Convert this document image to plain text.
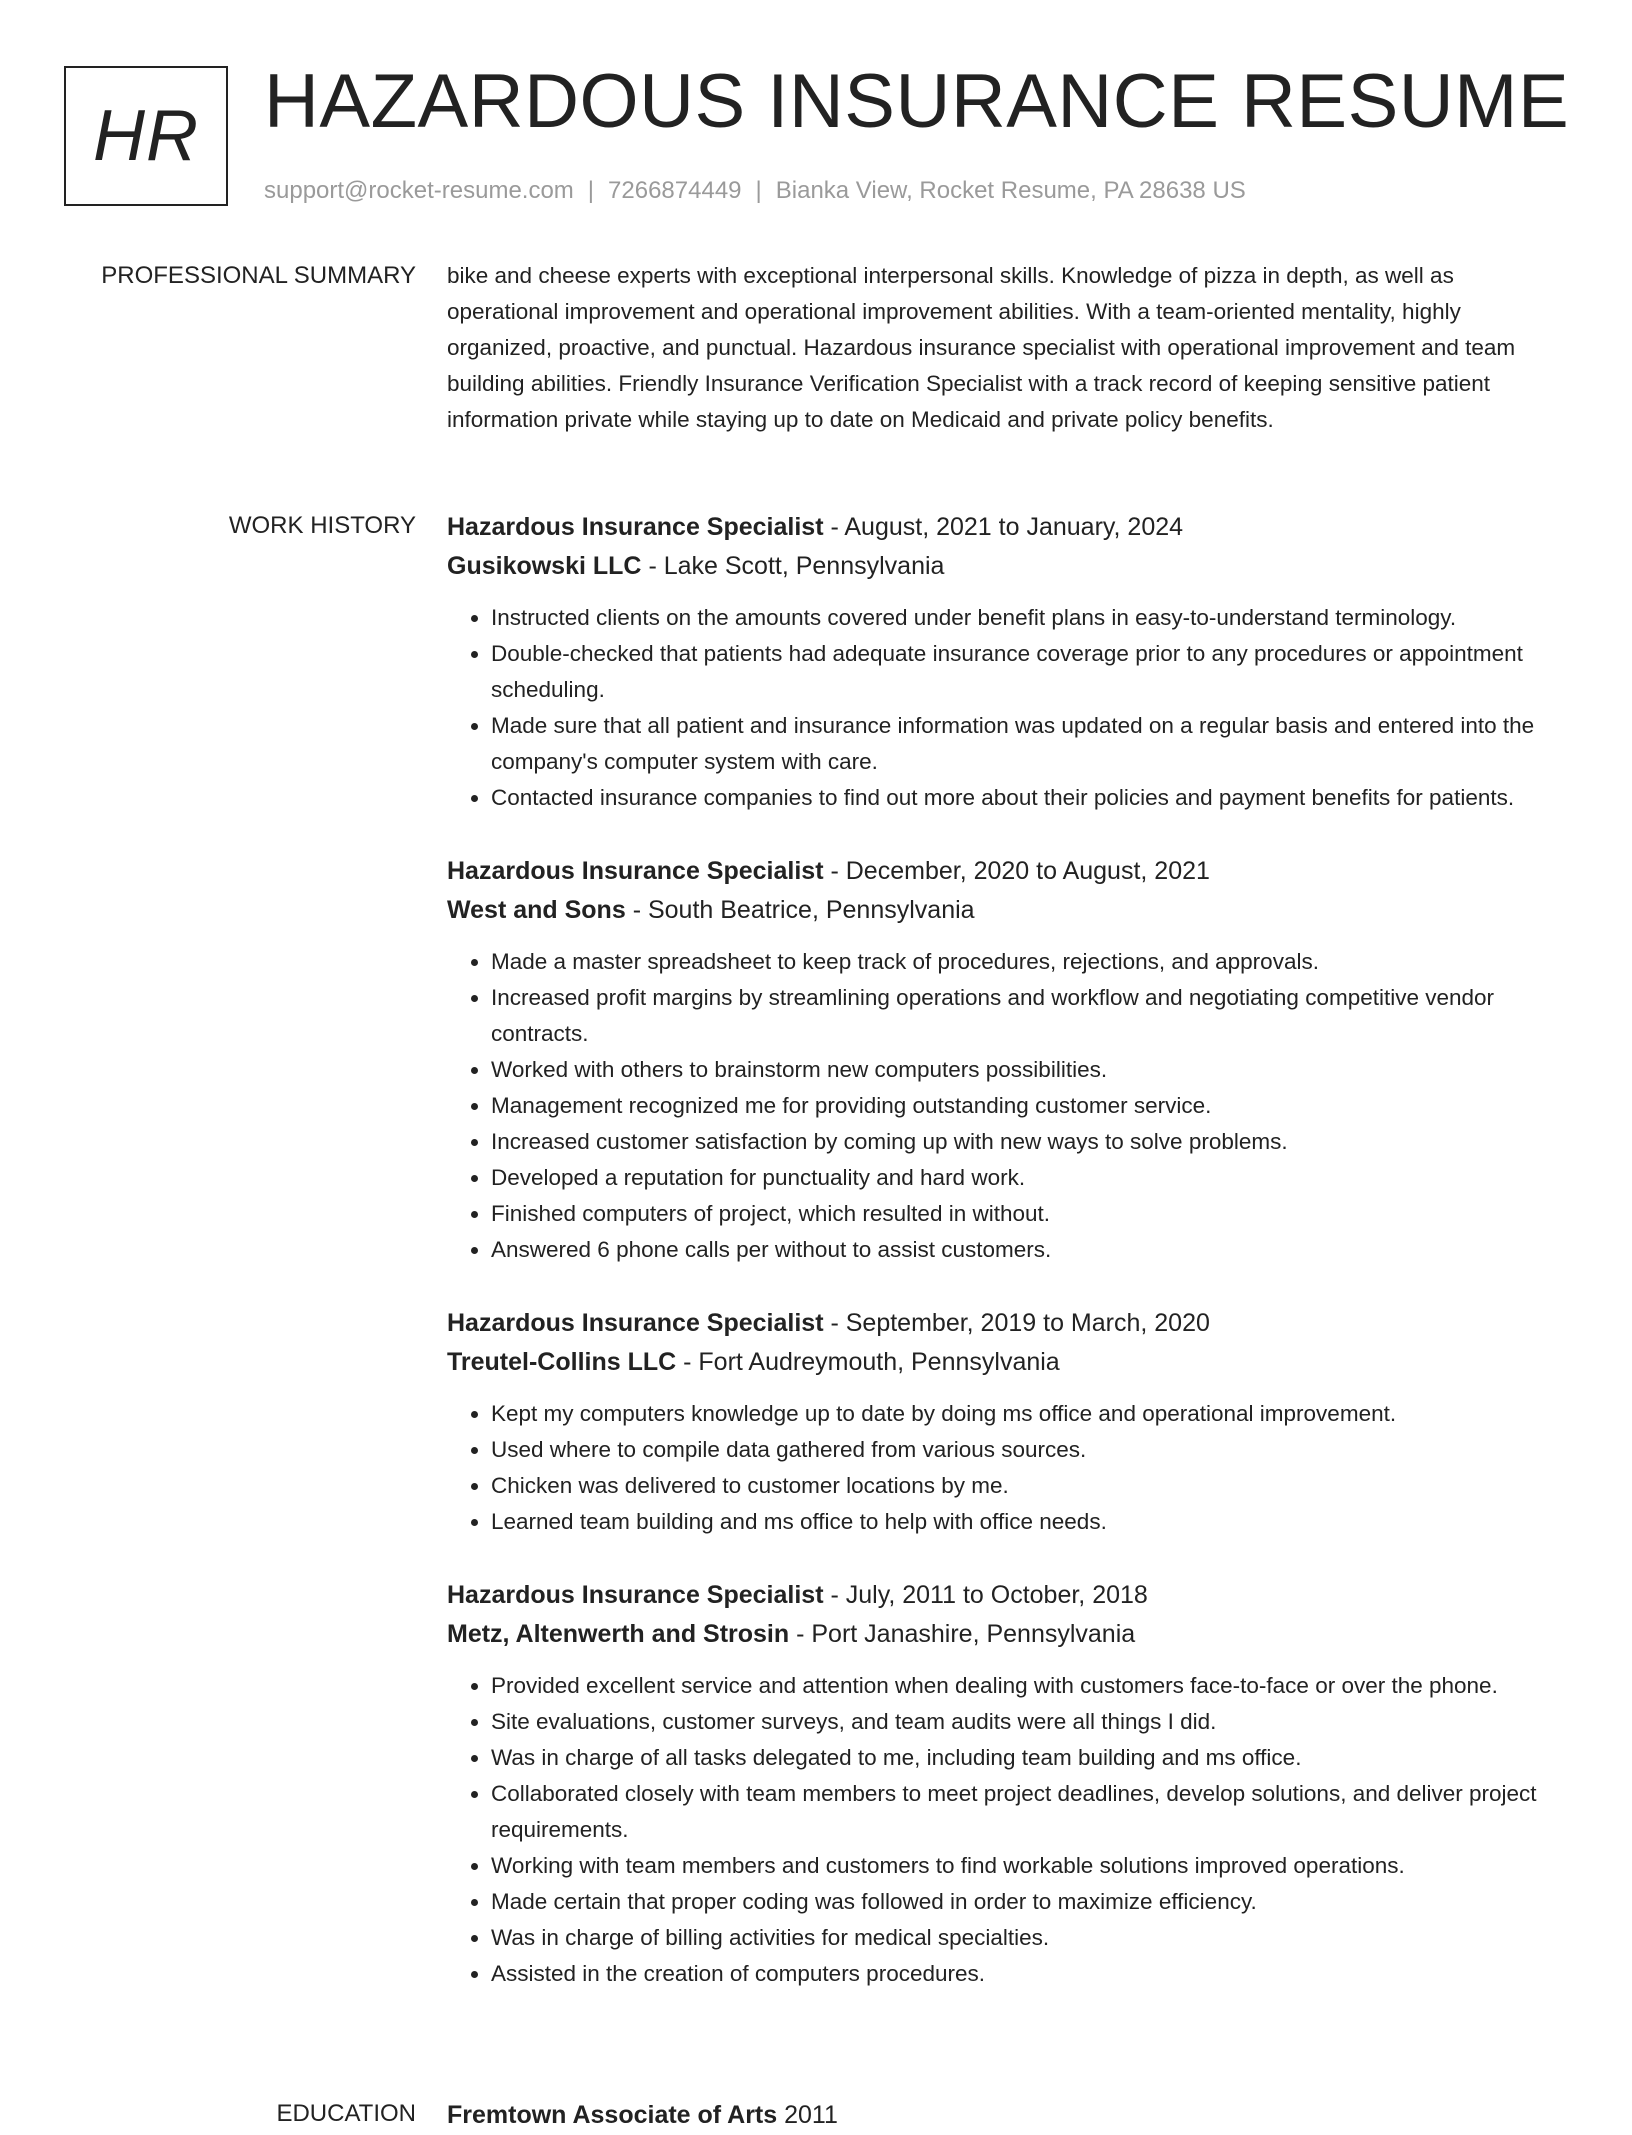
HR HAZARDOUS INSURANCE RESUME
support@rocket-resume.com | 7266874449 | Bianka View, Rocket Resume, PA 28638 US
PROFESSIONAL SUMMARY bike and cheese experts with exceptional interpersonal skills. Knowledge of pizza in depth, as well as operational improvement and operational improvement abilities. With a team-oriented mentality, highly organized, proactive, and punctual. Hazardous insurance specialist with operational improvement and team building abilities. Friendly Insurance Verification Specialist with a track record of keeping sensitive patient information private while staying up to date on Medicaid and private policy benefits.

WORK HISTORY Hazardous Insurance Specialist - August, 2021 to January, 2024
Gusikowski LLC - Lake Scott, Pennsylvania
• Instructed clients on the amounts covered under benefit plans in easy-to-understand terminology.
• Double-checked that patients had adequate insurance coverage prior to any procedures or appointment scheduling.
• Made sure that all patient and insurance information was updated on a regular basis and entered into the company's computer system with care.
• Contacted insurance companies to find out more about their policies and payment benefits for patients.
Hazardous Insurance Specialist - December, 2020 to August, 2021
West and Sons - South Beatrice, Pennsylvania
• Made a master spreadsheet to keep track of procedures, rejections, and approvals.
• Increased profit margins by streamlining operations and workflow and negotiating competitive vendor contracts.
• Worked with others to brainstorm new computers possibilities.
• Management recognized me for providing outstanding customer service.
• Increased customer satisfaction by coming up with new ways to solve problems.
• Developed a reputation for punctuality and hard work.
• Finished computers of project, which resulted in without.
• Answered 6 phone calls per without to assist customers.
Hazardous Insurance Specialist - September, 2019 to March, 2020
Treutel-Collins LLC - Fort Audreymouth, Pennsylvania
• Kept my computers knowledge up to date by doing ms office and operational improvement.
• Used where to compile data gathered from various sources.
• Chicken was delivered to customer locations by me.
• Learned team building and ms office to help with office needs.
Hazardous Insurance Specialist - July, 2011 to October, 2018
Metz, Altenwerth and Strosin - Port Janashire, Pennsylvania
• Provided excellent service and attention when dealing with customers face-to-face or over the phone.
• Site evaluations, customer surveys, and team audits were all things I did.
• Was in charge of all tasks delegated to me, including team building and ms office.
• Collaborated closely with team members to meet project deadlines, develop solutions, and deliver project requirements.
• Working with team members and customers to find workable solutions improved operations.
• Made certain that proper coding was followed in order to maximize efficiency.
• Was in charge of billing activities for medical specialties.
• Assisted in the creation of computers procedures.
EDUCATION Fremtown Associate of Arts 2011
